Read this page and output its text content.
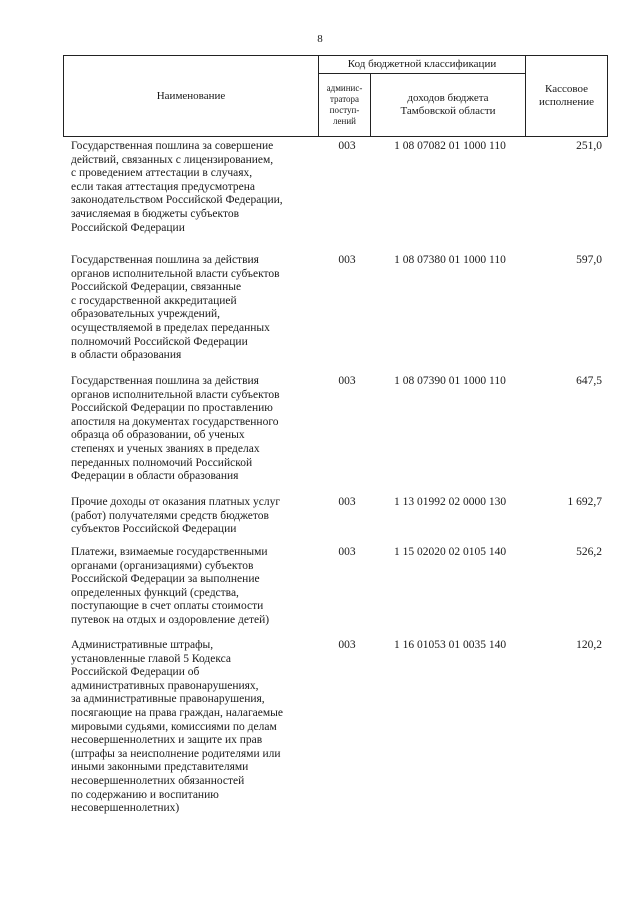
8
Наименование	Код бюджетной классификации		Кассовое исполнение
	админис-тратора поступ-лений	доходов бюджета Тамбовской области	
Государственная пошлина за совершение
действий, связанных с лицензированием,
с проведением аттестации в случаях,
если такая аттестация предусмотрена
законодательством Российской Федерации,
зачисляемая в бюджеты субъектов
Российской Федерации
003	1 08 07082 01 1000 110	251,0
Государственная пошлина за действия
органов исполнительной власти субъектов
Российской Федерации, связанные
с государственной аккредитацией
образовательных учреждений,
осуществляемой в пределах переданных
полномочий Российской Федерации
в области образования
003	1 08 07380 01 1000 110	597,0
Государственная пошлина за действия
органов исполнительной власти субъектов
Российской Федерации по проставлению
апостиля на документах государственного
образца об образовании, об ученых
степенях и ученых званиях в пределах
переданных полномочий Российской
Федерации в области образования
003	1 08 07390 01 1000 110	647,5
Прочие доходы от оказания платных услуг
(работ) получателями средств бюджетов
субъектов Российской Федерации
003	1 13 01992 02 0000 130	1 692,7
Платежи, взимаемые государственными
органами (организациями) субъектов
Российской Федерации за выполнение
определенных функций (средства,
поступающие в счет оплаты стоимости
путевок на отдых и оздоровление детей)
003	1 15 02020 02 0105 140	526,2
Административные штрафы,
установленные главой 5 Кодекса
Российской Федерации об
административных правонарушениях,
за административные правонарушения,
посягающие на права граждан, налагаемые
мировыми судьями, комиссиями по делам
несовершеннолетних и защите их прав
(штрафы за неисполнение родителями или
иными законными представителями
несовершеннолетних обязанностей
по содержанию и воспитанию
несовершеннолетних)
003	1 16 01053 01 0035 140	120,2
